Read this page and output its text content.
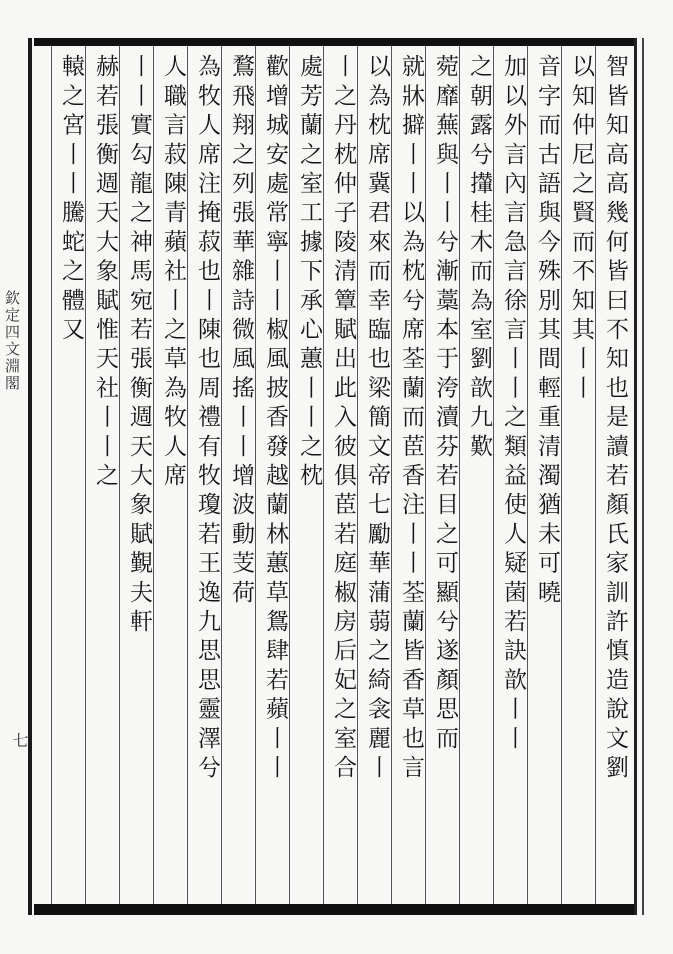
欽定四文淵閣
七	智皆知高高幾何皆曰不知也是讀若顏氏家訓許慎造說文劉
以知仲尼之賢而不知其丨丨
音字而古語與今殊別其間輕重清濁猶未可曉
加以外言內言急言徐言丨丨之類益使人疑菌若訣歆丨丨
之朝露兮攆桂木而為室劉歆九歎
菀靡蕪與丨丨兮漸藁本于洿瀆芬若目之可顯兮遂顏思而
就牀擗丨丨以為枕兮席荃蘭而茞香注丨丨荃蘭皆香草也言
以為枕席冀君來而幸臨也梁簡文帝七勵華蒲蒻之綺衾麗丨
丨之丹枕仲子陵清簟賦出此入彼俱茞若庭椒房后妃之室合
處芳蘭之室工據下承心蕙丨丨之枕
歡增城安處常寧丨丨椒風披香發越蘭林蕙草鴛肆若蘋丨丨
鶩飛翔之列張華雜詩微風搖丨丨增波動芰荷
為牧人席注掩菽也丨陳也周禮有牧瓊若王逸九思思靈澤兮
人職言菽陳青蘋社丨之草為牧人席
丨丨實勾龍之神馬宛若張衡週天大象賦覲夫軒
赫若張衡週天大象賦惟天社丨丨之
轅之宮丨丨騰蛇之體又
